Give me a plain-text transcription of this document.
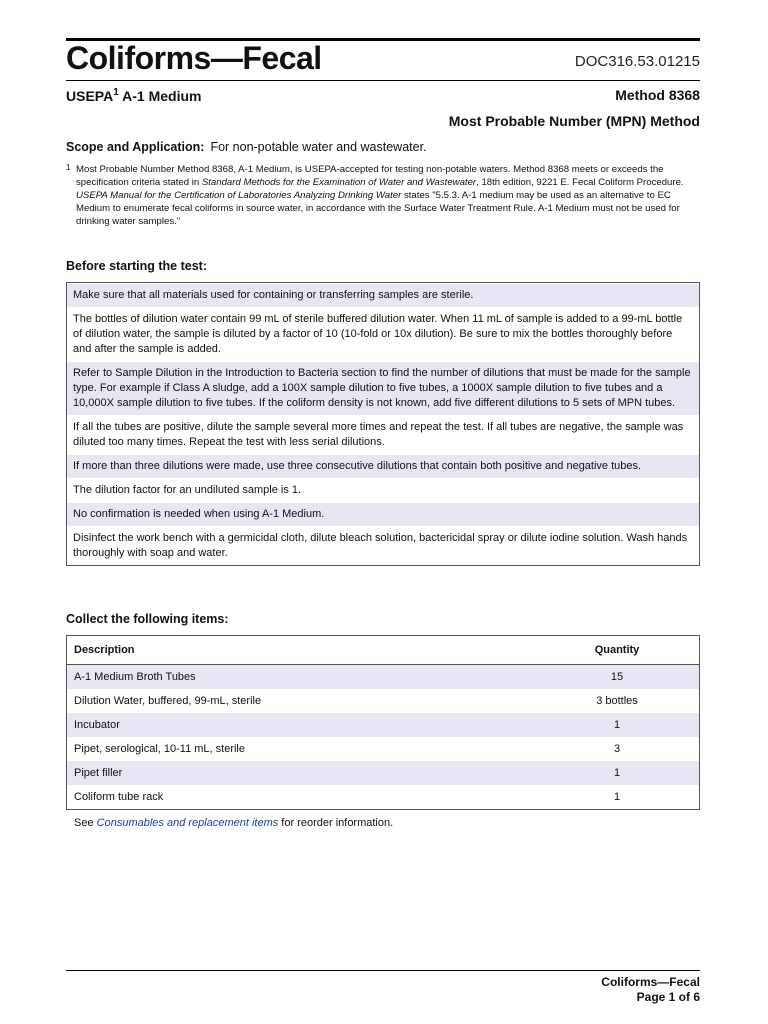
Coliforms—Fecal	DOC316.53.01215
USEPA$^1$ A-1 Medium	Method 8368
Most Probable Number (MPN) Method
Scope and Application: For non-potable water and wastewater.
1 Most Probable Number Method 8368, A-1 Medium, is USEPA-accepted for testing non-potable waters. Method 8368 meets or exceeds the specification criteria stated in Standard Methods for the Examination of Water and Wastewater, 18th edition, 9221 E. Fecal Coliform Procedure. USEPA Manual for the Certification of Laboratories Analyzing Drinking Water states "5.5.3. A-1 medium may be used as an alternative to EC Medium to enumerate fecal coliforms in source water, in accordance with the Surface Water Treatment Rule. A-1 Medium must not be used for drinking water samples."
Before starting the test:
Make sure that all materials used for containing or transferring samples are sterile.
The bottles of dilution water contain 99 mL of sterile buffered dilution water. When 11 mL of sample is added to a 99-mL bottle of dilution water, the sample is diluted by a factor of 10 (10-fold or 10x dilution). Be sure to mix the bottles thoroughly before and after the sample is added.
Refer to Sample Dilution in the Introduction to Bacteria section to find the number of dilutions that must be made for the sample type. For example if Class A sludge, add a 100X sample dilution to five tubes, a 1000X sample dilution to five tubes and a 10,000X sample dilution to five tubes. If the coliform density is not known, add five different dilutions to 5 sets of MPN tubes.
If all the tubes are positive, dilute the sample several more times and repeat the test. If all tubes are negative, the sample was diluted too many times. Repeat the test with less serial dilutions.
If more than three dilutions were made, use three consecutive dilutions that contain both positive and negative tubes.
The dilution factor for an undiluted sample is 1.
No confirmation is needed when using A-1 Medium.
Disinfect the work bench with a germicidal cloth, dilute bleach solution, bactericidal spray or dilute iodine solution. Wash hands thoroughly with soap and water.
Collect the following items:
Description	Quantity
A-1 Medium Broth Tubes	15
Dilution Water, buffered, 99-mL, sterile	3 bottles
Incubator	1
Pipet, serological, 10-11 mL, sterile	3
Pipet filler	1
Coliform tube rack	1
See Consumables and replacement items for reorder information.
Coliforms—Fecal
Page 1 of 6
